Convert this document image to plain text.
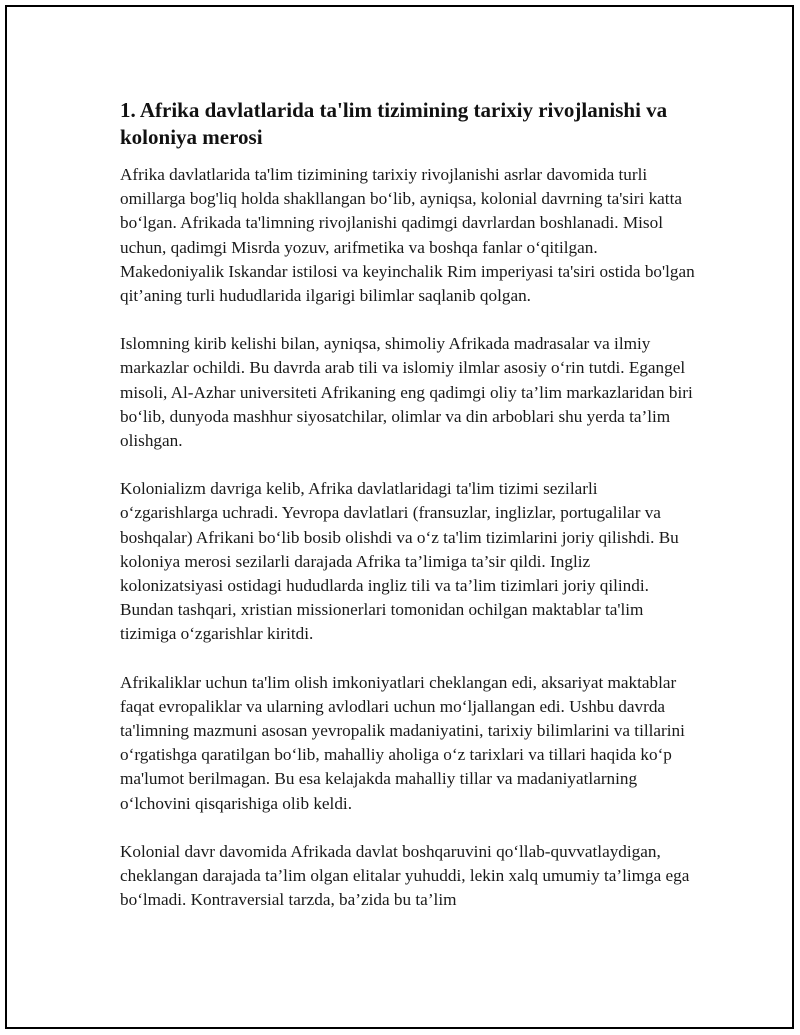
1. Afrika davlatlarida ta'lim tizimining tarixiy rivojlanishi va koloniya merosi

Afrika davlatlarida ta'lim tizimining tarixiy rivojlanishi asrlar davomida turli omillarga bog'liq holda shakllangan bo‘lib, ayniqsa, kolonial davrning ta'siri katta bo‘lgan. Afrikada ta'limning rivojlanishi qadimgi davrlardan boshlanadi. Misol uchun, qadimgi Misrda yozuv, arifmetika va boshqa fanlar o‘qitilgan. Makedoniyalik Iskandar istilosi va keyinchalik Rim imperiyasi ta'siri ostida bo'lgan qit’aning turli hududlarida ilgarigi bilimlar saqlanib qolgan.

Islomning kirib kelishi bilan, ayniqsa, shimoliy Afrikada madrasalar va ilmiy markazlar ochildi. Bu davrda arab tili va islomiy ilmlar asosiy o‘rin tutdi. Egangel misoli, Al-Azhar universiteti Afrikaning eng qadimgi oliy ta’lim markazlaridan biri bo‘lib, dunyoda mashhur siyosatchilar, olimlar va din arboblari shu yerda ta’lim olishgan.

Kolonializm davriga kelib, Afrika davlatlaridagi ta'lim tizimi sezilarli o‘zgarishlarga uchradi. Yevropa davlatlari (fransuzlar, inglizlar, portugalilar va boshqalar) Afrikani bo‘lib bosib olishdi va o‘z ta'lim tizimlarini joriy qilishdi. Bu koloniya merosi sezilarli darajada Afrika ta’limiga ta’sir qildi. Ingliz kolonizatsiyasi ostidagi hududlarda ingliz tili va ta’lim tizimlari joriy qilindi. Bundan tashqari, xristian missionerlari tomonidan ochilgan maktablar ta'lim tizimiga o‘zgarishlar kiritdi.

Afrikaliklar uchun ta'lim olish imkoniyatlari cheklangan edi, aksariyat maktablar faqat evropaliklar va ularning avlodlari uchun mo‘ljallangan edi. Ushbu davrda ta'limning mazmuni asosan yevropalik madaniyatini, tarixiy bilimlarini va tillarini o‘rgatishga qaratilgan bo‘lib, mahalliy aholiga o‘z tarixlari va tillari haqida ko‘p ma'lumot berilmagan. Bu esa kelajakda mahalliy tillar va madaniyatlarning o‘lchovini qisqarishiga olib keldi.

Kolonial davr davomida Afrikada davlat boshqaruvini qo‘llab-quvvatlaydigan, cheklangan darajada ta’lim olgan elitalar yuhuddi, lekin xalq umumiy ta’limga ega bo‘lmadi. Kontraversial tarzda, ba’zida bu ta’lim
